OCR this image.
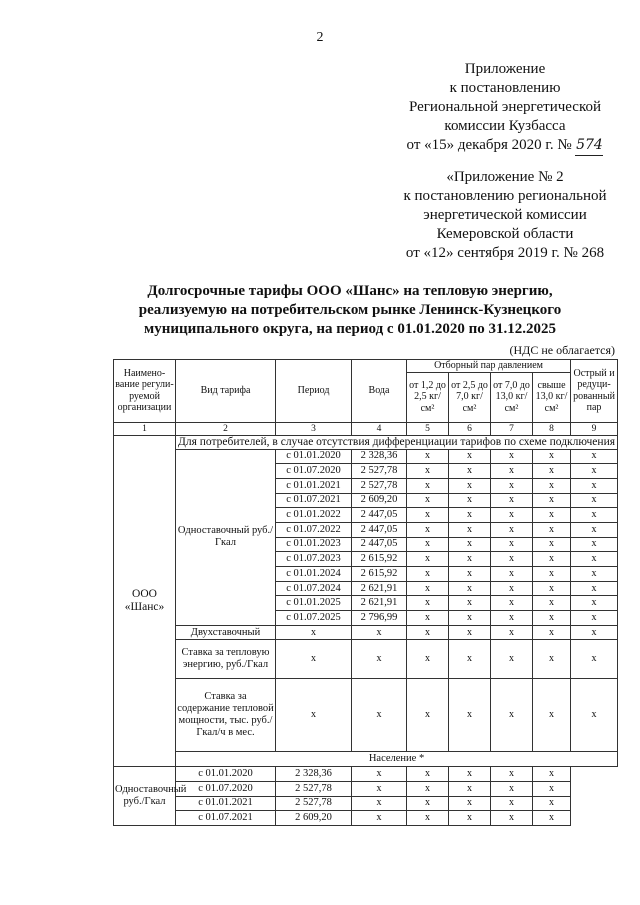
2
Приложение
к постановлению
Региональной энергетической
комиссии Кузбасса
от «15» декабря 2020 г. № 574
«Приложение № 2
к постановлению региональной
энергетической комиссии
Кемеровской области
от «12» сентября 2019 г. № 268
Долгосрочные тарифы ООО «Шанс» на тепловую энергию,
реализуемую на потребительском рынке Ленинск-Кузнецкого
муниципального округа, на период с 01.01.2020 по 31.12.2025
(НДС не облагается)
Наимено-вание регули-руемой организации	Вид тарифа	Период	Вода	Отборный пар давлением				Острый и редуци-рованный пар
				от 1,2 до 2,5 кг/см²	от 2,5 до 7,0 кг/см²	от 7,0 до 13,0 кг/см²	свыше 13,0 кг/см²	
1	2	3	4	5	6	7	8	9
ООО «Шанс»	Для потребителей, в случае отсутствия дифференциации тарифов по схеме подключения							
	Одноставочный руб./Гкал	с 01.01.2020	2 328,36	х	х	х	х	х
		с 01.07.2020	2 527,78	х	х	х	х	х
		с 01.01.2021	2 527,78	х	х	х	х	х
		с 01.07.2021	2 609,20	х	х	х	х	х
		с 01.01.2022	2 447,05	х	х	х	х	х
		с 01.07.2022	2 447,05	х	х	х	х	х
		с 01.01.2023	2 447,05	х	х	х	х	х
		с 01.07.2023	2 615,92	х	х	х	х	х
		с 01.01.2024	2 615,92	х	х	х	х	х
		с 01.07.2024	2 621,91	х	х	х	х	х
		с 01.01.2025	2 621,91	х	х	х	х	х
		с 01.07.2025	2 796,99	х	х	х	х	х
	Двухставочный	х	х	х	х	х	х	х
	Ставка за тепловую энергию, руб./Гкал	х	х	х	х	х	х	х
	Ставка за содержание тепловой мощности, тыс. руб./Гкал/ч в мес.	х	х	х	х	х	х	х
	Население *							
Одноставочный руб./Гкал	с 01.01.2020	2 328,36	х	х	х	х	х	
	с 01.07.2020	2 527,78	х	х	х	х	х	
	с 01.01.2021	2 527,78	х	х	х	х	х	
	с 01.07.2021	2 609,20	х	х	х	х	х	
